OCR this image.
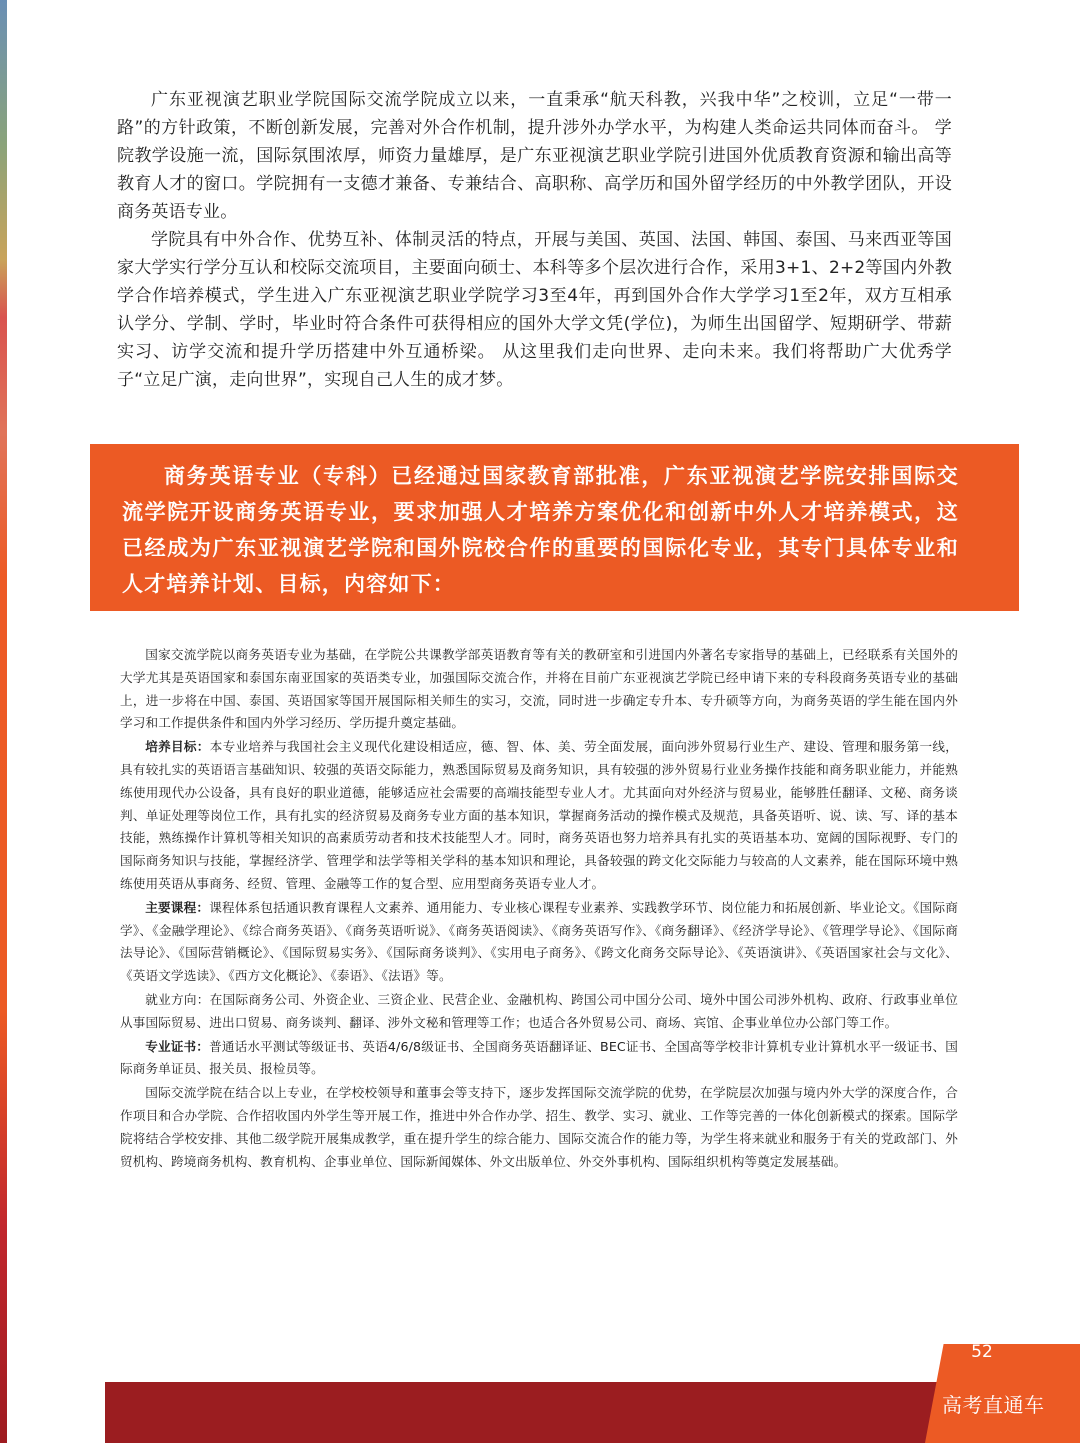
广东亚视演艺职业学院国际交流学院成立以来，一直秉承“航天科教，兴我中华”之校训，立足“一带一路”的方针政策，不断创新发展，完善对外合作机制，提升涉外办学水平，为构建人类命运共同体而奋斗。 学院教学设施一流，国际氛围浓厚，师资力量雄厚，是广东亚视演艺职业学院引进国外优质教育资源和输出高等教育人才的窗口。学院拥有一支德才兼备、专兼结合、高职称、高学历和国外留学经历的中外教学团队，开设商务英语专业。

学院具有中外合作、优势互补、体制灵活的特点，开展与美国、英国、法国、韩国、泰国、马来西亚等国家大学实行学分互认和校际交流项目，主要面向硕士、本科等多个层次进行合作，采用3+1、2+2等国内外教学合作培养模式，学生进入广东亚视演艺职业学院学习3至4年，再到国外合作大学学习1至2年，双方互相承认学分、学制、学时，毕业时符合条件可获得相应的国外大学文凭(学位)，为师生出国留学、短期研学、带薪实习、访学交流和提升学历搭建中外互通桥梁。 从这里我们走向世界、走向未来。我们将帮助广大优秀学子“立足广演，走向世界”，实现自己人生的成才梦。

商务英语专业（专科）已经通过国家教育部批准，广东亚视演艺学院安排国际交流学院开设商务英语专业，要求加强人才培养方案优化和创新中外人才培养模式，这已经成为广东亚视演艺学院和国外院校合作的重要的国际化专业，其专门具体专业和人才培养计划、目标，内容如下：

国家交流学院以商务英语专业为基础，在学院公共课教学部英语教育等有关的教研室和引进国内外著名专家指导的基础上，已经联系有关国外的大学尤其是英语国家和泰国东南亚国家的英语类专业，加强国际交流合作，并将在目前广东亚视演艺学院已经申请下来的专科段商务英语专业的基础上，进一步将在中国、泰国、英语国家等国开展国际相关师生的实习，交流，同时进一步确定专升本、专升硕等方向，为商务英语的学生能在国内外学习和工作提供条件和国内外学习经历、学历提升奠定基础。

培养目标：本专业培养与我国社会主义现代化建设相适应，德、智、体、美、劳全面发展，面向涉外贸易行业生产、建设、管理和服务第一线，具有较扎实的英语语言基础知识、较强的英语交际能力，熟悉国际贸易及商务知识，具有较强的涉外贸易行业业务操作技能和商务职业能力，并能熟练使用现代办公设备，具有良好的职业道德，能够适应社会需要的高端技能型专业人才。尤其面向对外经济与贸易业，能够胜任翻译、文秘、商务谈判、单证处理等岗位工作，具有扎实的经济贸易及商务专业方面的基本知识，掌握商务活动的操作模式及规范，具备英语听、说、读、写、译的基本技能，熟练操作计算机等相关知识的高素质劳动者和技术技能型人才。同时，商务英语也努力培养具有扎实的英语基本功、宽阔的国际视野、专门的国际商务知识与技能，掌握经济学、管理学和法学等相关学科的基本知识和理论，具备较强的跨文化交际能力与较高的人文素养，能在国际环境中熟练使用英语从事商务、经贸、管理、金融等工作的复合型、应用型商务英语专业人才。

主要课程：课程体系包括通识教育课程人文素养、通用能力、专业核心课程专业素养、实践教学环节、岗位能力和拓展创新、毕业论文。《国际商学》、《金融学理论》、《综合商务英语》、《商务英语听说》、《商务英语阅读》、《商务英语写作》、《商务翻译》、《经济学导论》、《管理学导论》、《国际商法导论》、《国际营销概论》、《国际贸易实务》、《国际商务谈判》、《实用电子商务》、《跨文化商务交际导论》、《英语演讲》、《英语国家社会与文化》、《英语文学选读》、《西方文化概论》、《泰语》、《法语》等。

就业方向：在国际商务公司、外资企业、三资企业、民营企业、金融机构、跨国公司中国分公司、境外中国公司涉外机构、政府、行政事业单位从事国际贸易、进出口贸易、商务谈判、翻译、涉外文秘和管理等工作；也适合各外贸易公司、商场、宾馆、企事业单位办公部门等工作。

专业证书：普通话水平测试等级证书、英语4/6/8级证书、全国商务英语翻译证、BEC证书、全国高等学校非计算机专业计算机水平一级证书、国际商务单证员、报关员、报检员等。

国际交流学院在结合以上专业，在学校校领导和董事会等支持下，逐步发挥国际交流学院的优势，在学院层次加强与境内外大学的深度合作，合作项目和合办学院、合作招收国内外学生等开展工作，推进中外合作办学、招生、教学、实习、就业、工作等完善的一体化创新模式的探索。国际学院将结合学校安排、其他二级学院开展集成教学，重在提升学生的综合能力、国际交流合作的能力等，为学生将来就业和服务于有关的党政部门、外贸机构、跨境商务机构、教育机构、企事业单位、国际新闻媒体、外文出版单位、外交外事机构、国际组织机构等奠定发展基础。

52
高考直通车
